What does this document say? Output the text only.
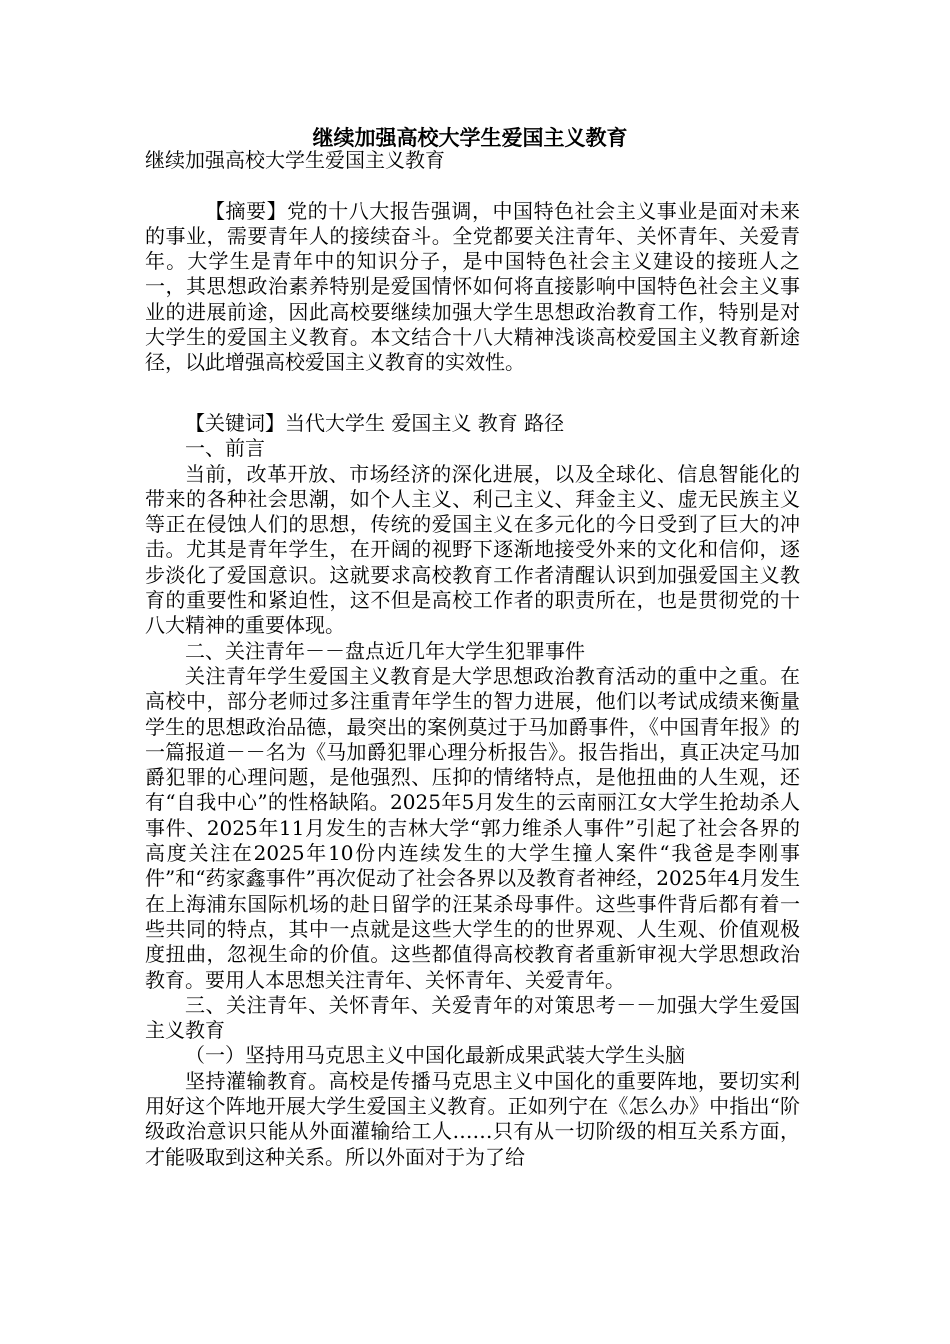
继续加强高校大学生爱国主义教育

继续加强高校大学生爱国主义教育

【摘要】党的十八大报告强调，中国特色社会主义事业是面对未来的事业，需要青年人的接续奋斗。全党都要关注青年、关怀青年、关爱青年。大学生是青年中的知识分子，是中国特色社会主义建设的接班人之一，其思想政治素养特别是爱国情怀如何将直接影响中国特色社会主义事业的进展前途，因此高校要继续加强大学生思想政治教育工作，特别是对大学生的爱国主义教育。本文结合十八大精神浅谈高校爱国主义教育新途径，以此增强高校爱国主义教育的实效性。

【关键词】当代大学生 爱国主义 教育 路径

一、前言

当前，改革开放、市场经济的深化进展，以及全球化、信息智能化的带来的各种社会思潮，如个人主义、利己主义、拜金主义、虚无民族主义等正在侵蚀人们的思想，传统的爱国主义在多元化的今日受到了巨大的冲击。尤其是青年学生，在开阔的视野下逐渐地接受外来的文化和信仰，逐步淡化了爱国意识。这就要求高校教育工作者清醒认识到加强爱国主义教育的重要性和紧迫性，这不但是高校工作者的职责所在，也是贯彻党的十八大精神的重要体现。

二、关注青年－－盘点近几年大学生犯罪事件

关注青年学生爱国主义教育是大学思想政治教育活动的重中之重。在高校中，部分老师过多注重青年学生的智力进展，他们以考试成绩来衡量学生的思想政治品德，最突出的案例莫过于马加爵事件，《中国青年报》的一篇报道－－名为《马加爵犯罪心理分析报告》。报告指出，真正决定马加爵犯罪的心理问题，是他强烈、压抑的情绪特点，是他扭曲的人生观，还有“自我中心”的性格缺陷。2025年5月发生的云南丽江女大学生抢劫杀人事件、2025年11月发生的吉林大学“郭力维杀人事件”引起了社会各界的高度关注在2025年10份内连续发生的大学生撞人案件“我爸是李刚事件”和“药家鑫事件”再次促动了社会各界以及教育者神经，2025年4月发生在上海浦东国际机场的赴日留学的汪某杀母事件。这些事件背后都有着一些共同的特点，其中一点就是这些大学生的的世界观、人生观、价值观极度扭曲，忽视生命的价值。这些都值得高校教育者重新审视大学思想政治教育。要用人本思想关注青年、关怀青年、关爱青年。

三、关注青年、关怀青年、关爱青年的对策思考－－加强大学生爱国主义教育

（一）坚持用马克思主义中国化最新成果武装大学生头脑

坚持灌输教育。高校是传播马克思主义中国化的重要阵地，要切实利用好这个阵地开展大学生爱国主义教育。正如列宁在《怎么办》中指出“阶级政治意识只能从外面灌输给工人……只有从一切阶级的相互关系方面，才能吸取到这种关系。所以外面对于为了给
